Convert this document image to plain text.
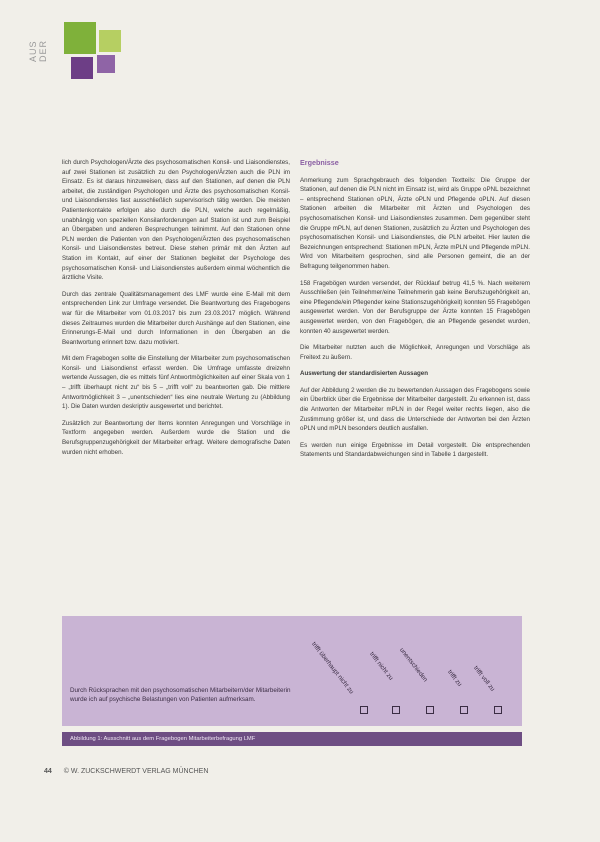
AUS DER

lich durch Psychologen/Ärzte des psychosomatischen Konsil- und Liaisondienstes, auf zwei Stationen ist zusätzlich zu den Psychologen/Ärzten auch die PLN im Einsatz. Es ist daraus hinzuweisen, dass auf den Stationen, auf denen die PLN arbeitet, die zuständigen Psychologen und Ärzte des psychosomatischen Konsil- und Liaisondienstes fast ausschließlich supervisorisch tätig werden. Die meisten Patientenkontakte erfolgen also durch die PLN, welche auch regelmäßig, unabhängig von speziellen Konsilanforderungen auf Station ist und zum Beispiel an Übergaben und anderen Besprechungen teilnimmt. Auf den Stationen ohne PLN werden die Patienten von den Psychologen/Ärzten des psychosomatischen Konsil- und Liaisondienstes betreut. Diese stehen primär mit den Ärzten auf Station im Kontakt, auf einer der Stationen begleitet der Psychologe des psychosomatischen Konsil- und Liaisondienstes außerdem einmal wöchentlich die ärztliche Visite.

Durch das zentrale Qualitätsmanagement des LMF wurde eine E-Mail mit dem entsprechenden Link zur Umfrage versendet. Die Beantwortung des Fragebogens war für die Mitarbeiter vom 01.03.2017 bis zum 23.03.2017 möglich. Während dieses Zeitraumes wurden die Mitarbeiter durch Aushänge auf den Stationen, eine Erinnerungs-E-Mail und durch Informationen in den Übergaben an die Beantwortung erinnert bzw. dazu motiviert.

Mit dem Fragebogen sollte die Einstellung der Mitarbeiter zum psychosomatischen Konsil- und Liaisondienst erfasst werden. Die Umfrage umfasste dreizehn wertende Aussagen, die es mittels fünf Antwortmöglichkeiten auf einer Skala von 1 – „trifft überhaupt nicht zu“ bis 5 – „trifft voll“ zu beantworten gab. Die mittlere Antwortmöglichkeit 3 – „unentschieden“ lies eine neutrale Wertung zu (Abbildung 1). Die Daten wurden deskriptiv ausgewertet und berichtet.

Zusätzlich zur Beantwortung der Items konnten Anregungen und Vorschläge in Textform angegeben werden. Außerdem wurde die Station und die Berufsgruppenzugehörigkeit der Mitarbeiter erfragt. Weitere demografische Daten wurden nicht erhoben.

Ergebnisse

Anmerkung zum Sprachgebrauch des folgenden Textteils: Die Gruppe der Stationen, auf denen die PLN nicht im Einsatz ist, wird als Gruppe oPNL bezeichnet – entsprechend Stationen oPLN, Ärzte oPLN und Pflegende oPLN. Auf diesen Stationen arbeiten die Mitarbeiter mit Ärzten und Psychologen des psychosomatischen Konsil- und Liaisondienstes zusammen. Dem gegenüber steht die Gruppe mPLN, auf denen Stationen, zusätzlich zu Ärzten und Psychologen des psychosomatischen Konsil- und Liaisondienstes, die PLN arbeitet. Hier lauten die Bezeichnungen entsprechend: Stationen mPLN, Ärzte mPLN und Pflegende mPLN. Wird von Mitarbeitern gesprochen, sind alle Personen gemeint, die an der Befragung teilgenommen haben.

158 Fragebögen wurden versendet, der Rücklauf betrug 41,5 %. Nach weiterem Ausschließen (ein Teilnehmer/eine Teilnehmerin gab keine Berufszugehörigkeit an, eine Pflegende/ein Pflegender keine Stationszugehörigkeit) konnten 55 Fragebögen ausgewertet werden. Von der Berufsgruppe der Ärzte konnten 15 Fragebögen ausgewertet werden, von den Fragebögen, die an Pflegende gesendet wurden, konnten 40 ausgewertet werden.

Die Mitarbeiter nutzten auch die Möglichkeit, Anregungen und Vorschläge als Freitext zu äußern.

Auswertung der standardisierten Aussagen

Auf der Abbildung 2 werden die zu bewertenden Aussagen des Fragebogens sowie ein Überblick über die Ergebnisse der Mitarbeiter dargestellt. Zu erkennen ist, dass die Antworten der Mitarbeiter mPLN in der Regel weiter rechts liegen, also die Zustimmung größer ist, und dass die Unterschiede der Antworten bei den Ärzten oPLN und mPLN besonders deutlich ausfallen.

Es werden nun einige Ergebnisse im Detail vorgestellt. Die entsprechenden Statements und Standardabweichungen sind in Tabelle 1 dargestellt.

Durch Rücksprachen mit den psychosomatischen Mitarbeitern/der Mitarbeiterin wurde ich auf psychische Belastungen von Patienten aufmerksam.
trifft überhaupt nicht zu trifft nicht zu unentschieden	trifft zu trifft voll zu
Abbildung 1: Ausschnitt aus dem Fragebogen Mitarbeiterbefragung LMF
44 © W. ZUCKSCHWERDT VERLAG MÜNCHEN
